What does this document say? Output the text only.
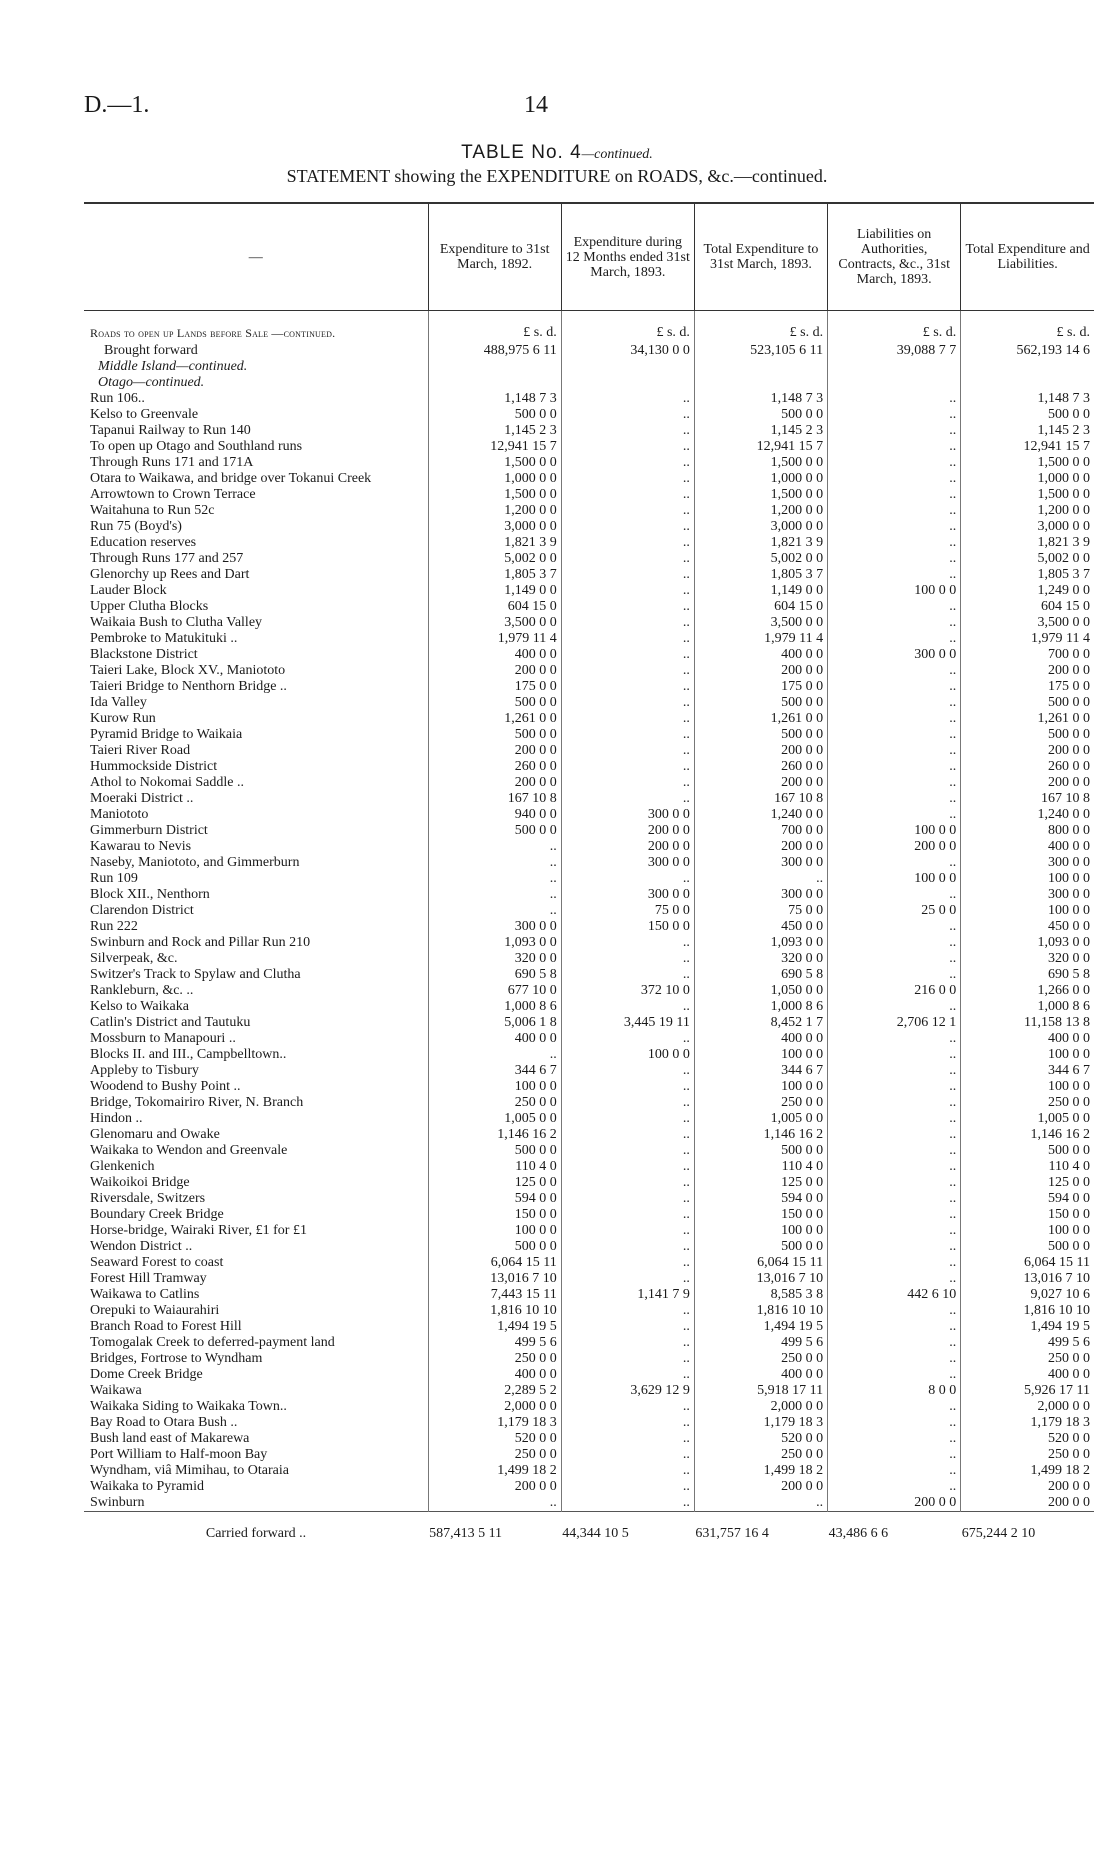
D.—1.	14
TABLE No. 4—continued.
STATEMENT showing the EXPENDITURE on ROADS, &c.—continued.
—	Expenditure to 31st March, 1892.	Expenditure during 12 Months ended 31st March, 1893.	Total Expenditure to 31st March, 1893.	Liabilities on Authorities, Contracts, &c., 31st March, 1893.	Total Expenditure and Liabilities.
Roads to open up Lands before Sale —continued.	£ s. d.	£ s. d.	£ s. d.	£ s. d.	£ s. d.
Brought forward	488,975 6 11	34,130 0 0	523,105 6 11	39,088 7 7	562,193 14 6
Middle Island—continued.					
Otago—continued.					
Run 106..	1,148 7 3	..	1,148 7 3	..	1,148 7 3
Kelso to Greenvale	500 0 0	..	500 0 0	..	500 0 0
Tapanui Railway to Run 140	1,145 2 3	..	1,145 2 3	..	1,145 2 3
To open up Otago and Southland runs	12,941 15 7	..	12,941 15 7	..	12,941 15 7
Through Runs 171 and 171A	1,500 0 0	..	1,500 0 0	..	1,500 0 0
Otara to Waikawa, and bridge over Tokanui Creek	1,000 0 0	..	1,000 0 0	..	1,000 0 0
Arrowtown to Crown Terrace	1,500 0 0	..	1,500 0 0	..	1,500 0 0
Waitahuna to Run 52c	1,200 0 0	..	1,200 0 0	..	1,200 0 0
Run 75 (Boyd's)	3,000 0 0	..	3,000 0 0	..	3,000 0 0
Education reserves	1,821 3 9	..	1,821 3 9	..	1,821 3 9
Through Runs 177 and 257	5,002 0 0	..	5,002 0 0	..	5,002 0 0
Glenorchy up Rees and Dart	1,805 3 7	..	1,805 3 7	..	1,805 3 7
Lauder Block	1,149 0 0	..	1,149 0 0	100 0 0	1,249 0 0
Upper Clutha Blocks	604 15 0	..	604 15 0	..	604 15 0
Waikaia Bush to Clutha Valley	3,500 0 0	..	3,500 0 0	..	3,500 0 0
Pembroke to Matukituki ..	1,979 11 4	..	1,979 11 4	..	1,979 11 4
Blackstone District	400 0 0	..	400 0 0	300 0 0	700 0 0
Taieri Lake, Block XV., Maniototo	200 0 0	..	200 0 0	..	200 0 0
Taieri Bridge to Nenthorn Bridge ..	175 0 0	..	175 0 0	..	175 0 0
Ida Valley	500 0 0	..	500 0 0	..	500 0 0
Kurow Run	1,261 0 0	..	1,261 0 0	..	1,261 0 0
Pyramid Bridge to Waikaia	500 0 0	..	500 0 0	..	500 0 0
Taieri River Road	200 0 0	..	200 0 0	..	200 0 0
Hummockside District	260 0 0	..	260 0 0	..	260 0 0
Athol to Nokomai Saddle ..	200 0 0	..	200 0 0	..	200 0 0
Moeraki District ..	167 10 8	..	167 10 8	..	167 10 8
Maniototo	940 0 0	300 0 0	1,240 0 0	..	1,240 0 0
Gimmerburn District	500 0 0	200 0 0	700 0 0	100 0 0	800 0 0
Kawarau to Nevis	..	200 0 0	200 0 0	200 0 0	400 0 0
Naseby, Maniototo, and Gimmerburn	..	300 0 0	300 0 0	..	300 0 0
Run 109	..	..	..	100 0 0	100 0 0
Block XII., Nenthorn	..	300 0 0	300 0 0	..	300 0 0
Clarendon District	..	75 0 0	75 0 0	25 0 0	100 0 0
Run 222	300 0 0	150 0 0	450 0 0	..	450 0 0
Swinburn and Rock and Pillar Run 210	1,093 0 0	..	1,093 0 0	..	1,093 0 0
Silverpeak, &c.	320 0 0	..	320 0 0	..	320 0 0
Switzer's Track to Spylaw and Clutha	690 5 8	..	690 5 8	..	690 5 8
Rankleburn, &c. ..	677 10 0	372 10 0	1,050 0 0	216 0 0	1,266 0 0
Kelso to Waikaka	1,000 8 6	..	1,000 8 6	..	1,000 8 6
Catlin's District and Tautuku	5,006 1 8	3,445 19 11	8,452 1 7	2,706 12 1	11,158 13 8
Mossburn to Manapouri ..	400 0 0	..	400 0 0	..	400 0 0
Blocks II. and III., Campbelltown..	..	100 0 0	100 0 0	..	100 0 0
Appleby to Tisbury	344 6 7	..	344 6 7	..	344 6 7
Woodend to Bushy Point ..	100 0 0	..	100 0 0	..	100 0 0
Bridge, Tokomairiro River, N. Branch	250 0 0	..	250 0 0	..	250 0 0
Hindon ..	1,005 0 0	..	1,005 0 0	..	1,005 0 0
Glenomaru and Owake	1,146 16 2	..	1,146 16 2	..	1,146 16 2
Waikaka to Wendon and Greenvale	500 0 0	..	500 0 0	..	500 0 0
Glenkenich	110 4 0	..	110 4 0	..	110 4 0
Waikoikoi Bridge	125 0 0	..	125 0 0	..	125 0 0
Riversdale, Switzers	594 0 0	..	594 0 0	..	594 0 0
Boundary Creek Bridge	150 0 0	..	150 0 0	..	150 0 0
Horse-bridge, Wairaki River, £1 for £1	100 0 0	..	100 0 0	..	100 0 0
Wendon District ..	500 0 0	..	500 0 0	..	500 0 0
Seaward Forest to coast	6,064 15 11	..	6,064 15 11	..	6,064 15 11
Forest Hill Tramway	13,016 7 10	..	13,016 7 10	..	13,016 7 10
Waikawa to Catlins	7,443 15 11	1,141 7 9	8,585 3 8	442 6 10	9,027 10 6
Orepuki to Waiaurahiri	1,816 10 10	..	1,816 10 10	..	1,816 10 10
Branch Road to Forest Hill	1,494 19 5	..	1,494 19 5	..	1,494 19 5
Tomogalak Creek to deferred-payment land	499 5 6	..	499 5 6	..	499 5 6
Bridges, Fortrose to Wyndham	250 0 0	..	250 0 0	..	250 0 0
Dome Creek Bridge	400 0 0	..	400 0 0	..	400 0 0
Waikawa	2,289 5 2	3,629 12 9	5,918 17 11	8 0 0	5,926 17 11
Waikaka Siding to Waikaka Town..	2,000 0 0	..	2,000 0 0	..	2,000 0 0
Bay Road to Otara Bush ..	1,179 18 3	..	1,179 18 3	..	1,179 18 3
Bush land east of Makarewa	520 0 0	..	520 0 0	..	520 0 0
Port William to Half-moon Bay	250 0 0	..	250 0 0	..	250 0 0
Wyndham, viâ Mimihau, to Otaraia	1,499 18 2	..	1,499 18 2	..	1,499 18 2
Waikaka to Pyramid	200 0 0	..	200 0 0	..	200 0 0
Swinburn	..	..	..	200 0 0	200 0 0
Carried forward ..	587,413 5 11	44,344 10 5	631,757 16 4	43,486 6 6	675,244 2 10
